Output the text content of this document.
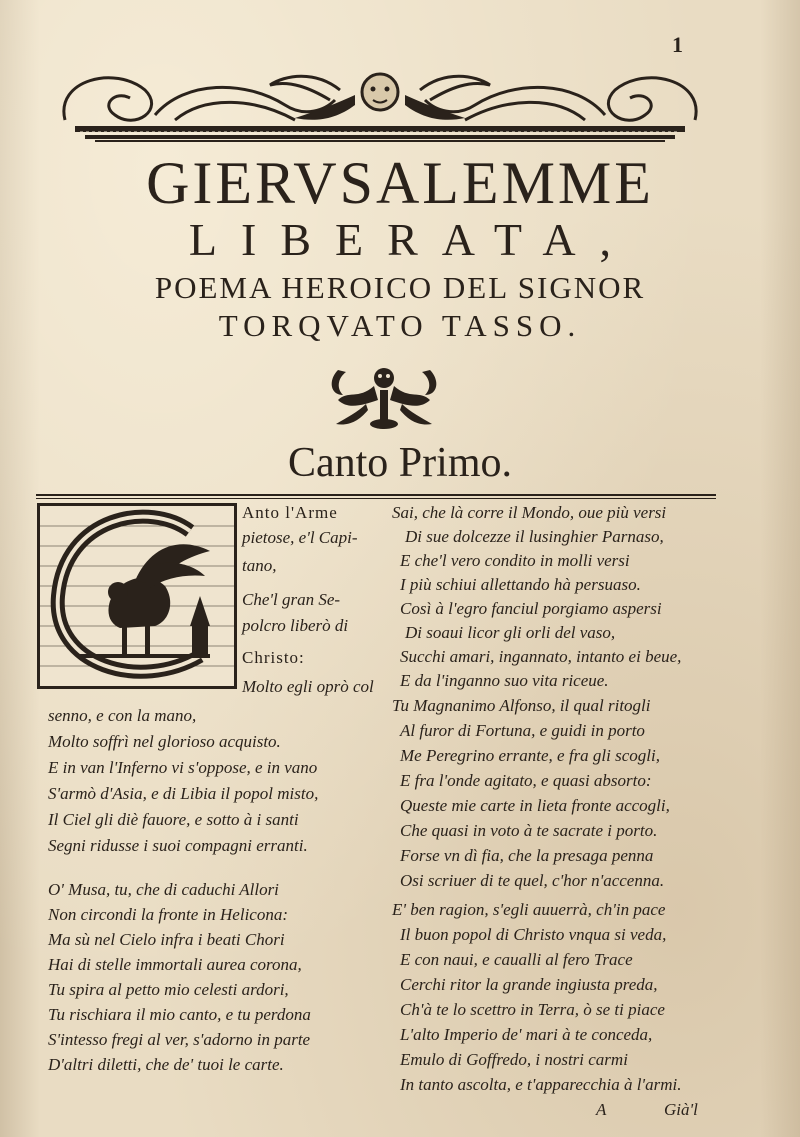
1
GIERVSALEMME
LIBERATA,
POEMA HEROICO DEL SIGNOR
TORQVATO TASSO.
Canto Primo.
Anto l'Arme
pietose, e'l Capi-
tano,
Che'l gran Se-
polcro liberò di
Christo:
Molto egli oprò col
senno, e con la mano,
Molto soffrì nel glorioso acquisto.
E in van l'Inferno vi s'oppose, e in vano
S'armò d'Asia, e di Libia il popol misto,
Il Ciel gli diè fauore, e sotto à i santi
Segni ridusse i suoi compagni erranti.
O' Musa, tu, che di caduchi Allori
Non circondi la fronte in Helicona:
Ma sù nel Cielo infra i beati Chori
Hai di stelle immortali aurea corona,
Tu spira al petto mio celesti ardori,
Tu rischiara il mio canto, e tu perdona
S'intesso fregi al ver, s'adorno in parte
D'altri diletti, che de' tuoi le carte.
Sai, che là corre il Mondo, oue più versi
Di sue dolcezze il lusinghier Parnaso,
E che'l vero condito in molli versi
I più schiui allettando hà persuaso.
Così à l'egro fanciul porgiamo aspersi
Di soaui licor gli orli del vaso,
Succhi amari, ingannato, intanto ei beue,
E da l'inganno suo vita riceue.
Tu Magnanimo Alfonso, il qual ritogli
Al furor di Fortuna, e guidi in porto
Me Peregrino errante, e fra gli scogli,
E fra l'onde agitato, e quasi absorto:
Queste mie carte in lieta fronte accogli,
Che quasi in voto à te sacrate i porto.
Forse vn dì fia, che la presaga penna
Osi scriuer di te quel, c'hor n'accenna.
E' ben ragion, s'egli auuerrà, ch'in pace
Il buon popol di Christo vnqua si veda,
E con naui, e caualli al fero Trace
Cerchi ritor la grande ingiusta preda,
Ch'à te lo scettro in Terra, ò se ti piace
L'alto Imperio de' mari à te conceda,
Emulo di Goffredo, i nostri carmi
In tanto ascolta, e t'apparecchia à l'armi.
A	Già'l
